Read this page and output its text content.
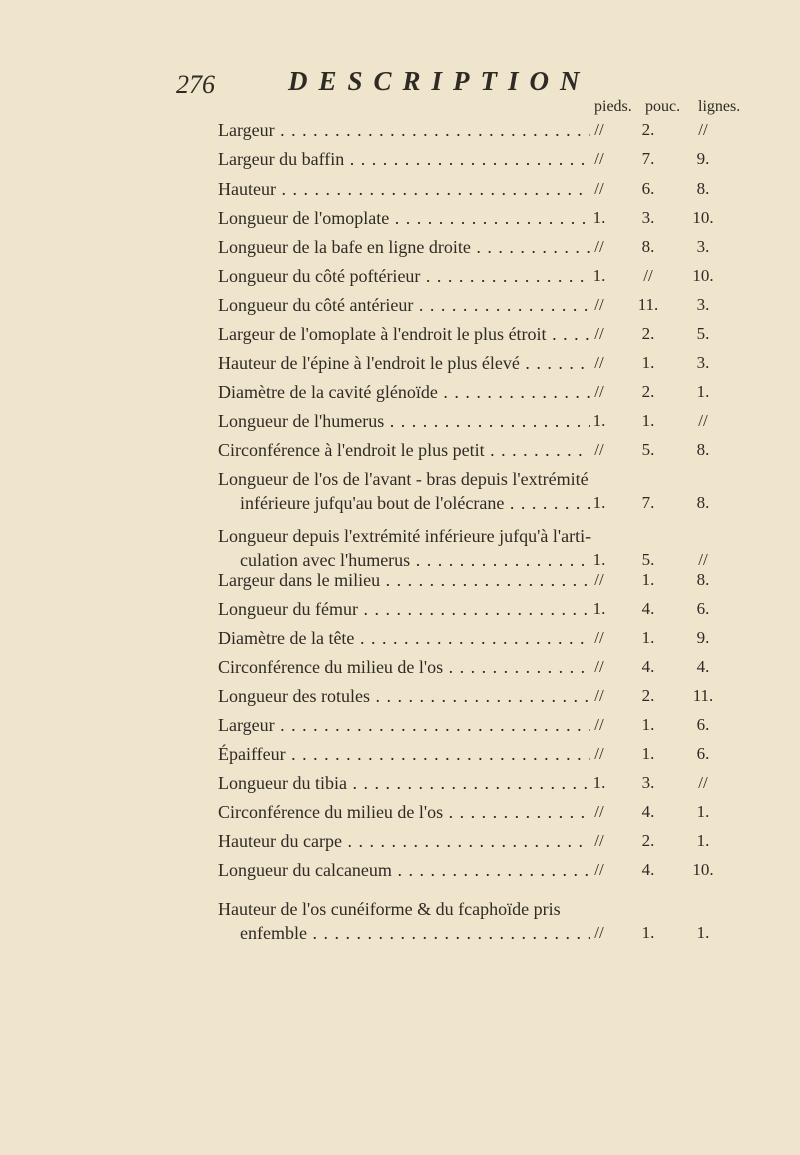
276	DESCRIPTION
pieds. pouc. lignes.
Largeur . . .	//	2.	//
Largeur du baffin . . .	//	7.	9.
Hauteur . . .	//	6.	8.
Longueur de l'omoplate . . .	1.	3.	10.
Longueur de la bafe en ligne droite . . .	//	8.	3.
Longueur du côté poftérieur . . .	1.	//	10.
Longueur du côté antérieur . . .	//	11.	3.
Largeur de l'omoplate à l'endroit le plus étroit . . .	//	2.	5.
Hauteur de l'épine à l'endroit le plus élevé . . .	//	1.	3.
Diamètre de la cavité glénoïde . . .	//	2.	1.
Longueur de l'humerus . . .	1.	1.	//
Circonférence à l'endroit le plus petit . . .	//	5.	8.
Longueur de l'os de l'avant - bras depuis l'extrémité
inférieure jufqu'au bout de l'olécrane . . .	1.	7.	8.
Longueur depuis l'extrémité inférieure jufqu'à l'arti-
culation avec l'humerus . . .	1.	5.	//
Largeur dans le milieu . . .	//	1.	8.
Longueur du fémur . . .	1.	4.	6.
Diamètre de la tête . . .	//	1.	9.
Circonférence du milieu de l'os . . .	//	4.	4.
Longueur des rotules . . .	//	2.	11.
Largeur . . .	//	1.	6.
Épaiffeur . . .	//	1.	6.
Longueur du tibia . . .	1.	3.	//
Circonférence du milieu de l'os . . .	//	4.	1.
Hauteur du carpe . . .	//	2.	1.
Longueur du calcaneum . . .	//	4.	10.
Hauteur de l'os cunéiforme & du fcaphoïde pris
enfemble . . .	//	1.	1.
